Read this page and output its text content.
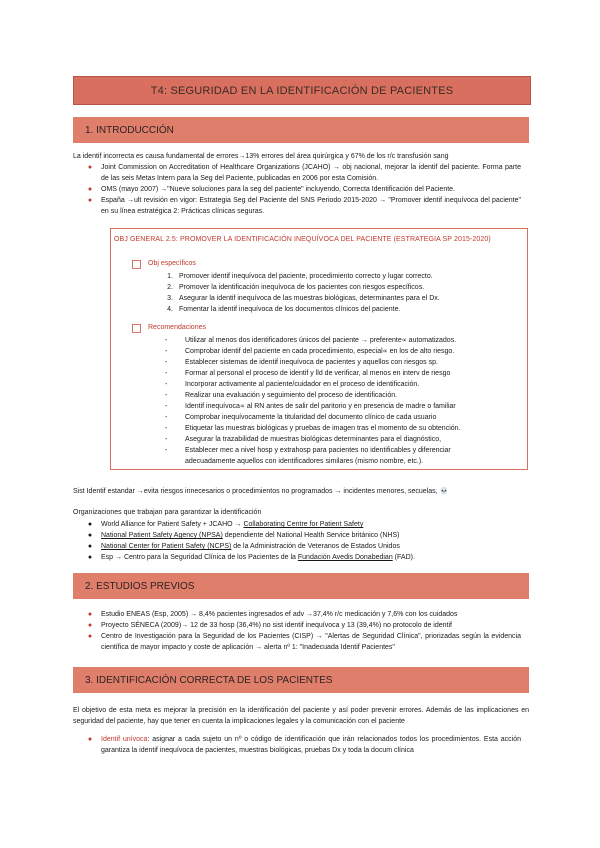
T4: SEGURIDAD EN LA IDENTIFICACIÓN DE PACIENTES
1. INTRODUCCIÓN
La identif incorrecta es causa fundamental de errores→13% errores del área quirúrgica y 67% de los r/c transfusión sang
●	Joint Commission on Accreditation of Healthcare Organizations (JCAHO) → obj nacional, mejorar la identif del paciente. Forma parte de las seis Metas Intern para la Seg del Paciente, publicadas en 2006 por esta Comisión.
●	OMS (mayo 2007) →"Nueve soluciones para la seg del paciente" incluyendo, Correcta Identificación del Paciente.
●	España →ult revisión en vigor: Estrategia Seg del Paciente del SNS Periodo 2015-2020 → "Promover identif inequívoca del paciente" en su línea estratégica 2: Prácticas clínicas seguras.
OBJ GENERAL 2.5: PROMOVER LA IDENTIFICACIÓN INEQUÍVOCA DEL PACIENTE (ESTRATEGIA SP 2015-2020)
Obj específicos
1. Promover identif inequívoca del paciente, procedimiento correcto y lugar correcto.
2. Promover la identificación inequívoca de los pacientes con riesgos específicos.
3. Asegurar la identif inequívoca de las muestras biológicas, determinantes para el Dx.
4. Fomentar la identif inequívoca de los documentos clínicos del paciente.
Recomendaciones
-	Utilizar al menos dos identificadores únicos del paciente → preferente∝ automatizados.
-	Comprobar identif del paciente en cada procedimiento, especial∝ en los de alto riesgo.
-	Establecer sistemas de identif inequívoca de pacientes y aquellos con riesgos sp.
-	Formar al personal el proceso de identif y lld de verificar, al menos en interv de riesgo
-	Incorporar activamente al paciente/cuidador en el proceso de identificación.
-	Realizar una evaluación y seguimiento del proceso de identificación.
-	Identif inequívoca∝ al RN antes de salir del paritorio y en presencia de madre o familiar
-	Comprobar inequívocamente la titularidad del documento clínico de cada usuario
-	Etiquetar las muestras biológicas y pruebas de imagen tras el momento de su obtención.
-	Asegurar la trazabilidad de muestras biológicas determinantes para el diagnóstico,
-	Establecer mec a nivel hosp y extrahosp para pacientes no identificables y diferenciar
adecuadamente aquellos con identificadores similares (mismo nombre, etc.).
Sist Identif estandar →evita riesgos innecesarios o procedimientos no programados → incidentes menores, secuelas, 💀
Organizaciones que trabajan para garantizar la identificación
●	World Alliance for Patient Safety + JCAHO → Collaborating Centre for Patient Safety
●	National Patient Safety Agency (NPSA) dependiente del National Health Service británico (NHS)
●	National Center for Patient Safety (NCPS) de la Administración de Veteranos de Estados Unidos
●	Esp → Centro para la Seguridad Clínica de los Pacientes de la Fundación Avedis Donabedian (FAD).
2. ESTUDIOS PREVIOS
●	Estudio ENEAS (Esp, 2005) → 8,4% pacientes ingresados ef adv →37,4% r/c medicación y 7,6% con los cuidados
●	Proyecto SÉNECA (2009)→ 12 de 33 hosp (36,4%) no sist identif inequívoca y 13 (39,4%) no protocolo de identif
●	Centro de Investigación para la Seguridad de los Pacientes (CISP) → "Alertas de Seguridad Clínica", priorizadas según la evidencia científica de mayor impacto y coste de aplicación → alerta nº 1: "Inadecuada Identif Pacientes"
3. IDENTIFICACIÓN CORRECTA DE LOS PACIENTES
El objetivo de esta meta es mejorar la precisión en la identificación del paciente y así poder prevenir errores. Además de las implicaciones en seguridad del paciente, hay que tener en cuenta la implicaciones legales y la comunicación con el paciente
●	Identif unívoca: asignar a cada sujeto un nº o código de identificación que irán relacionados todos los procedimientos. Esta acción garantiza la identif inequívoca de pacientes, muestras biológicas, pruebas Dx y toda la docum clínica
